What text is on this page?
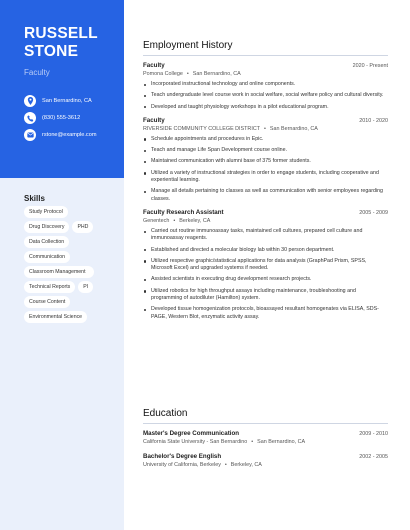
RUSSELL STONE
Faculty
San Bernardino, CA
(830) 555-3612
rstone@example.com
Skills
Study Protocol
Drug Discovery	PHD
Data Collection
Communication
Classroom Management
Technical Reports	PI
Course Content
Environmental Science
Employment History
Faculty	2020 - Present
Pomona College • San Bernardino, CA
Incorporated instructional technology and online components.
Teach undergraduate level course work in social welfare, social welfare policy and cultural diversity.
Developed and taught physiology workshops in a pilot educational program.
Faculty	2010 - 2020
RIVERSIDE COMMUNITY COLLEGE DISTRICT • San Bernardino, CA
Schedule appointments and procedures in Epic.
Teach and manage Life Span Development course online.
Maintained communication with alumni base of 375 former students.
Utilized a variety of instructional strategies in order to engage students, including cooperative and experiential learning.
Manage all details pertaining to classes as well as communication with senior employees regarding classes.
Faculty Research Assistant	2005 - 2009
Genentech • Berkeley, CA
Carried out routine immunoassay tasks, maintained cell cultures, prepared cell culture and immunoassay reagents.
Established and directed a molecular biology lab within 30 person department.
Utilized respective graphic/statistical applications for data analysis (GraphPad Prism, SPSS, Microsoft Excel) and upgraded systems if needed.
Assisted scientists in executing drug development research projects.
Utilized robotics for high throughput assays including maintenance, troubleshooting and programming of autodiluter (Hamilton) system.
Developed tissue homogenization protocols, bioassayed resultant homogenates via ELISA, SDS- PAGE, Western Blot, enzymatic activity assay.
Education
Master's Degree Communication	2009 - 2010
California State University - San Bernardino • San Bernardino, CA
Bachelor's Degree English	2002 - 2005
University of California, Berkeley • Berkeley, CA
